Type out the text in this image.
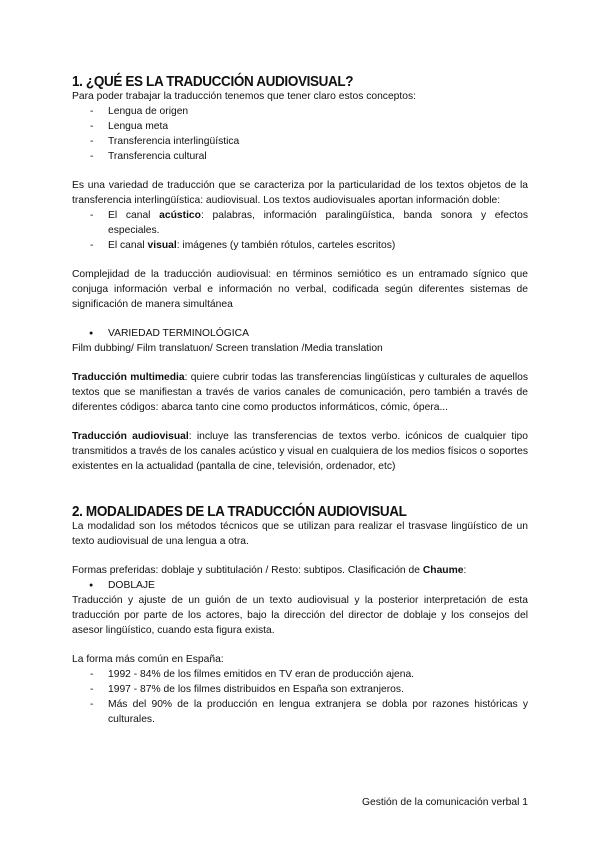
1. ¿QUÉ ES LA TRADUCCIÓN AUDIOVISUAL?

Para poder trabajar la traducción tenemos que tener claro estos conceptos:

- Lengua de origen
- Lengua meta
- Transferencia interlingüística
- Transferencia cultural

Es una variedad de traducción que se caracteriza por la particularidad de los textos objetos de la transferencia interlingüística: audiovisual. Los textos audiovisuales aportan información doble:

- El canal acústico: palabras, información paralingüística, banda sonora y efectos especiales.
- El canal visual: imágenes (y también rótulos, carteles escritos)

Complejidad de la traducción audiovisual: en términos semiótico es un entramado sígnico que conjuga información verbal e información no verbal, codificada según diferentes sistemas de significación de manera simultánea

● VARIEDAD TERMINOLÓGICA

Film dubbing/ Film translatuon/ Screen translation /Media translation

Traducción multimedia: quiere cubrir todas las transferencias lingüísticas y culturales de aquellos textos que se manifiestan a través de varios canales de comunicación, pero también a través de diferentes códigos: abarca tanto cine como productos informáticos, cómic, ópera...

Traducción audiovisual: incluye las transferencias de textos verbo. icónicos de cualquier tipo transmitidos a través de los canales acústico y visual en cualquiera de los medios físicos o soportes existentes en la actualidad (pantalla de cine, televisión, ordenador, etc)

2. MODALIDADES DE LA TRADUCCIÓN AUDIOVISUAL

La modalidad son los métodos técnicos que se utilizan para realizar el trasvase lingüístico de un texto audiovisual de una lengua a otra.

Formas preferidas: doblaje y subtitulación / Resto: subtipos. Clasificación de Chaume:

● DOBLAJE

Traducción y ajuste de un guión de un texto audiovisual y la posterior interpretación de esta traducción por parte de los actores, bajo la dirección del director de doblaje y los consejos del asesor lingüístico, cuando esta figura exista.

La forma más común en España:

- 1992 - 84% de los filmes emitidos en TV eran de producción ajena.
- 1997 - 87% de los filmes distribuidos en España son extranjeros.
- Más del 90% de la producción en lengua extranjera se dobla por razones históricas y culturales.
Gestión de la comunicación verbal 1
